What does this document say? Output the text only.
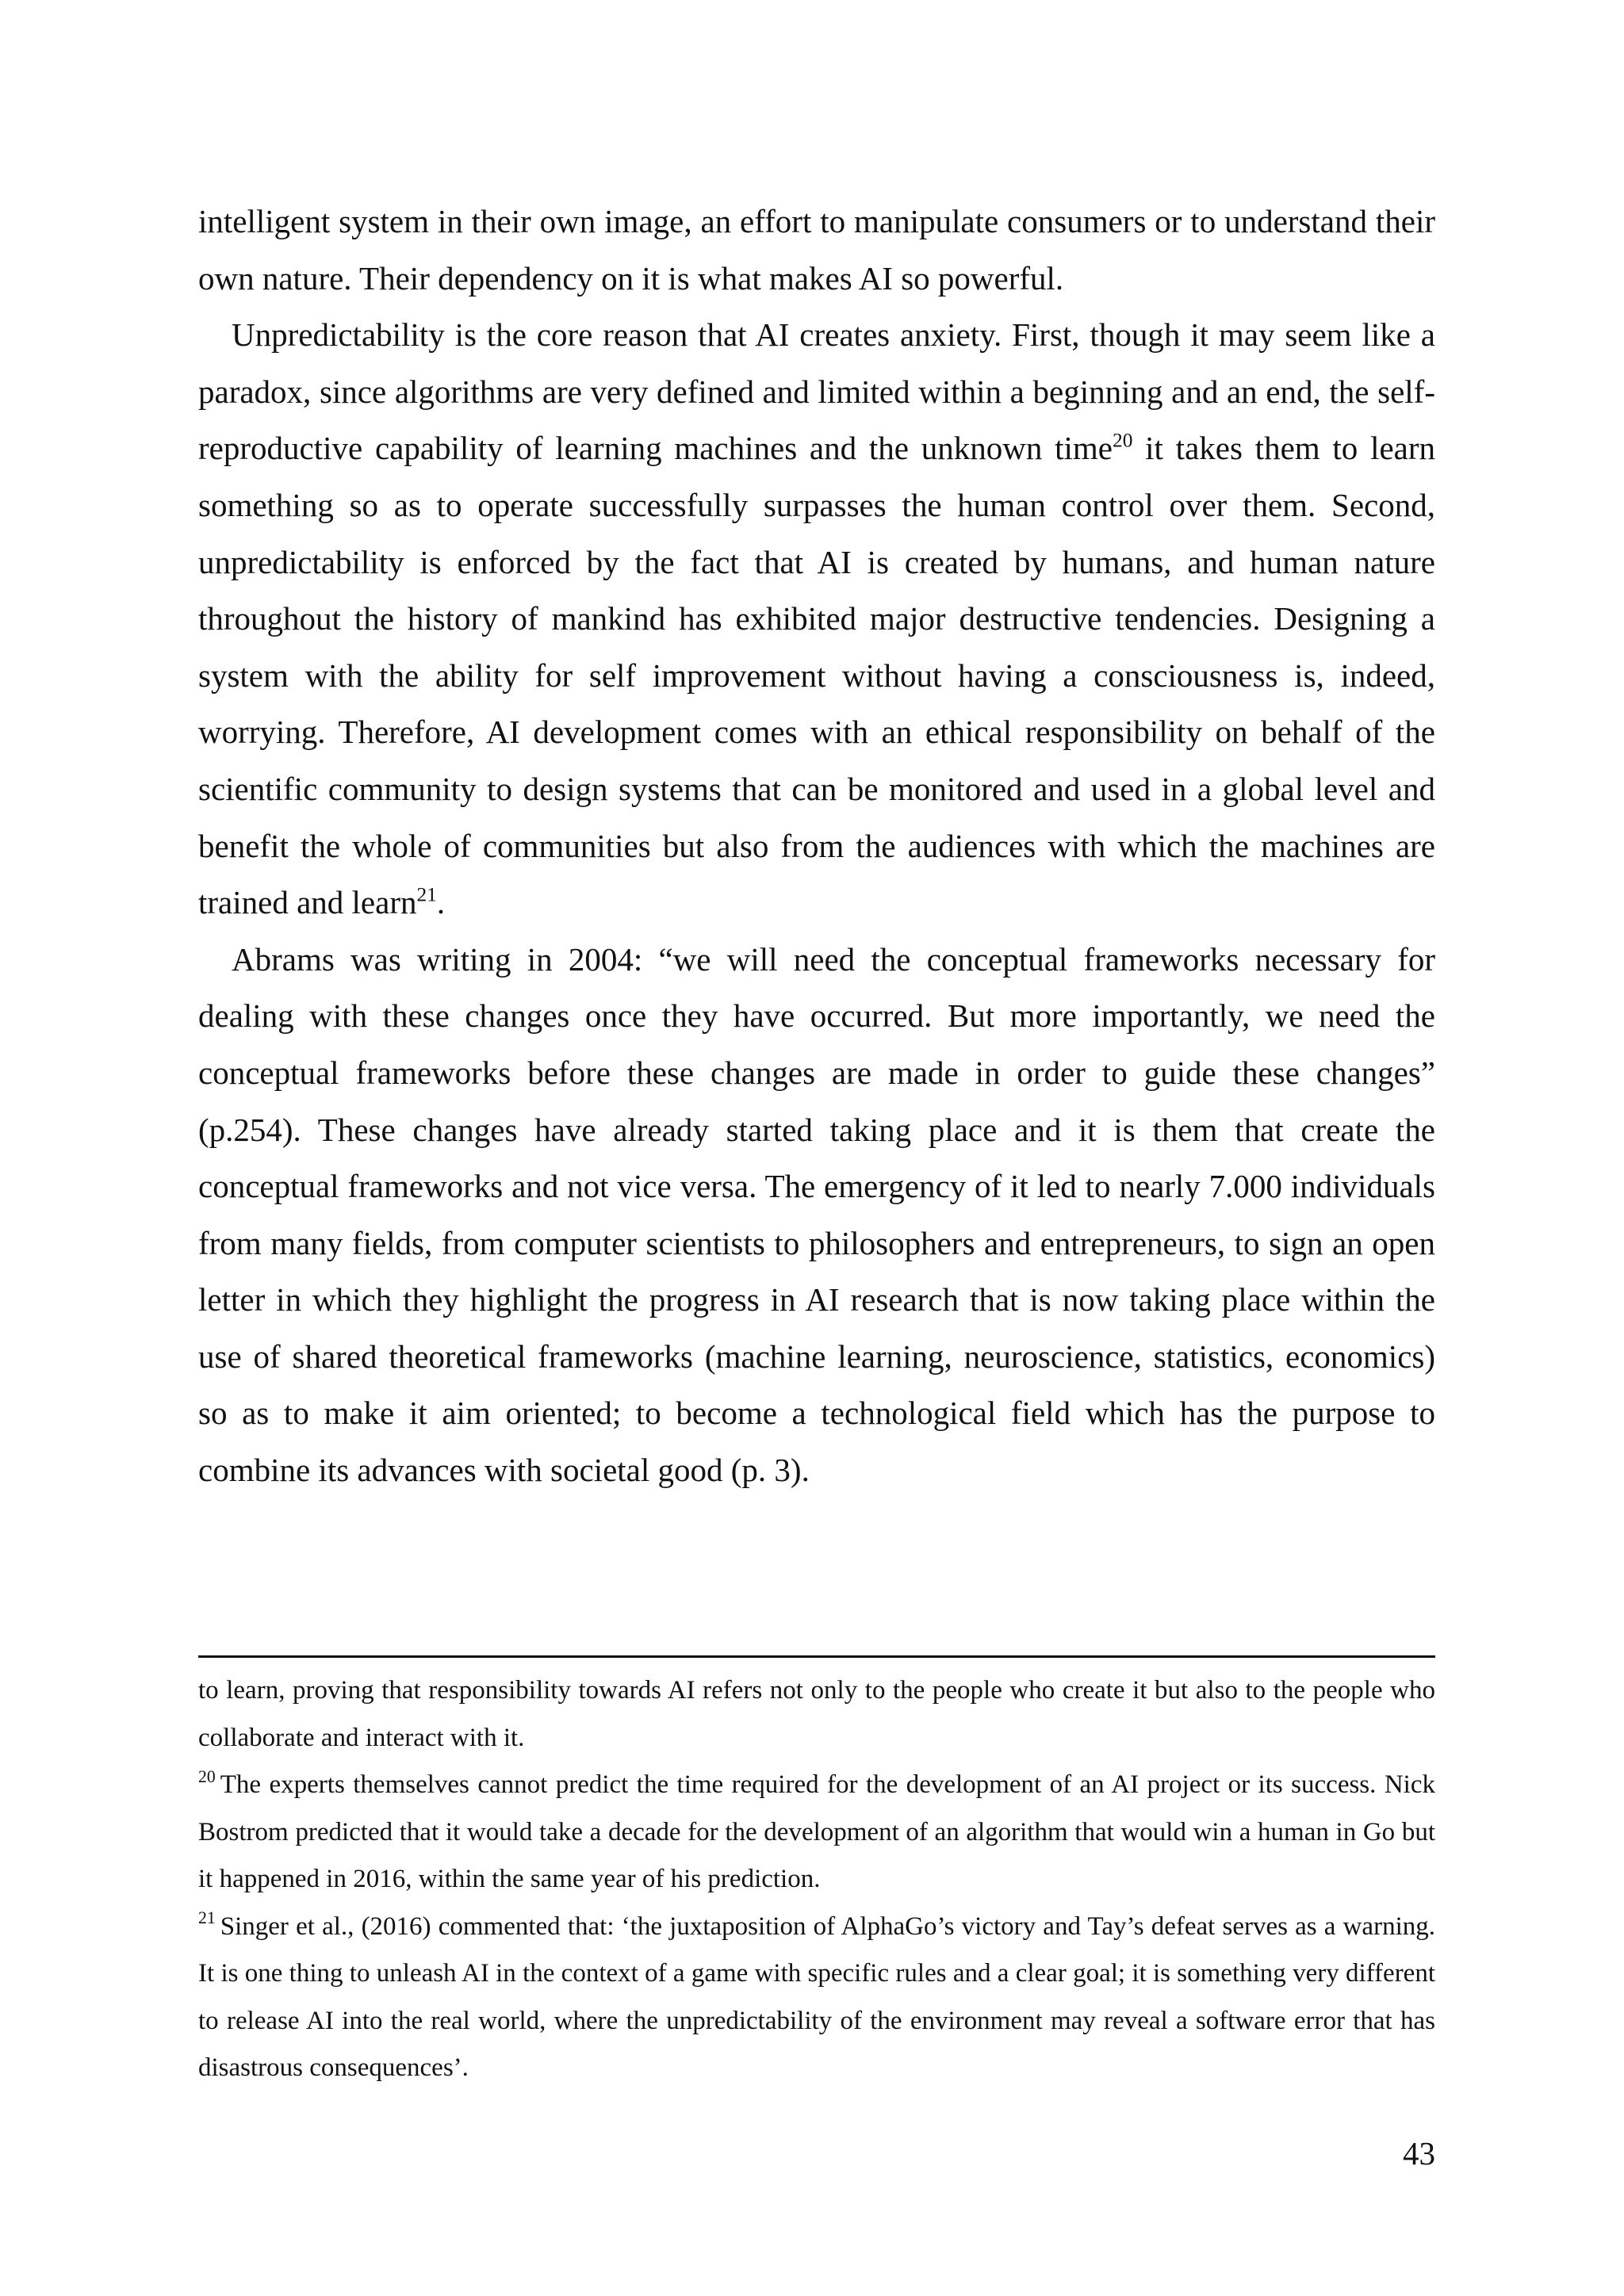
intelligent system in their own image, an effort to manipulate consumers or to understand their own nature. Their dependency on it is what makes AI so powerful.

Unpredictability is the core reason that AI creates anxiety. First, though it may seem like a paradox, since algorithms are very defined and limited within a beginning and an end, the self-reproductive capability of learning machines and the unknown time$^{20}$ it takes them to learn something so as to operate successfully surpasses the human control over them. Second, unpredictability is enforced by the fact that AI is created by humans, and human nature throughout the history of mankind has exhibited major destructive tendencies. Designing a system with the ability for self improvement without having a consciousness is, indeed, worrying. Therefore, AI development comes with an ethical responsibility on behalf of the scientific community to design systems that can be monitored and used in a global level and benefit the whole of communities but also from the audiences with which the machines are trained and learn$^{21}$.

Abrams was writing in 2004: “we will need the conceptual frameworks necessary for dealing with these changes once they have occurred. But more importantly, we need the conceptual frameworks before these changes are made in order to guide these changes” (p.254). These changes have already started taking place and it is them that create the conceptual frameworks and not vice versa. The emergency of it led to nearly 7.000 individuals from many fields, from computer scientists to philosophers and entrepreneurs, to sign an open letter in which they highlight the progress in AI research that is now taking place within the use of shared theoretical frameworks (machine learning, neuroscience, statistics, economics) so as to make it aim oriented; to become a technological field which has the purpose to combine its advances with societal good (p. 3).

to learn, proving that responsibility towards AI refers not only to the people who create it but also to the people who collaborate and interact with it.

$^{20}$ The experts themselves cannot predict the time required for the development of an AI project or its success. Nick Bostrom predicted that it would take a decade for the development of an algorithm that would win a human in Go but it happened in 2016, within the same year of his prediction.

$^{21}$ Singer et al., (2016) commented that: ‘the juxtaposition of AlphaGo’s victory and Tay’s defeat serves as a warning. It is one thing to unleash AI in the context of a game with specific rules and a clear goal; it is something very different to release AI into the real world, where the unpredictability of the environment may reveal a software error that has disastrous consequences’.

43
